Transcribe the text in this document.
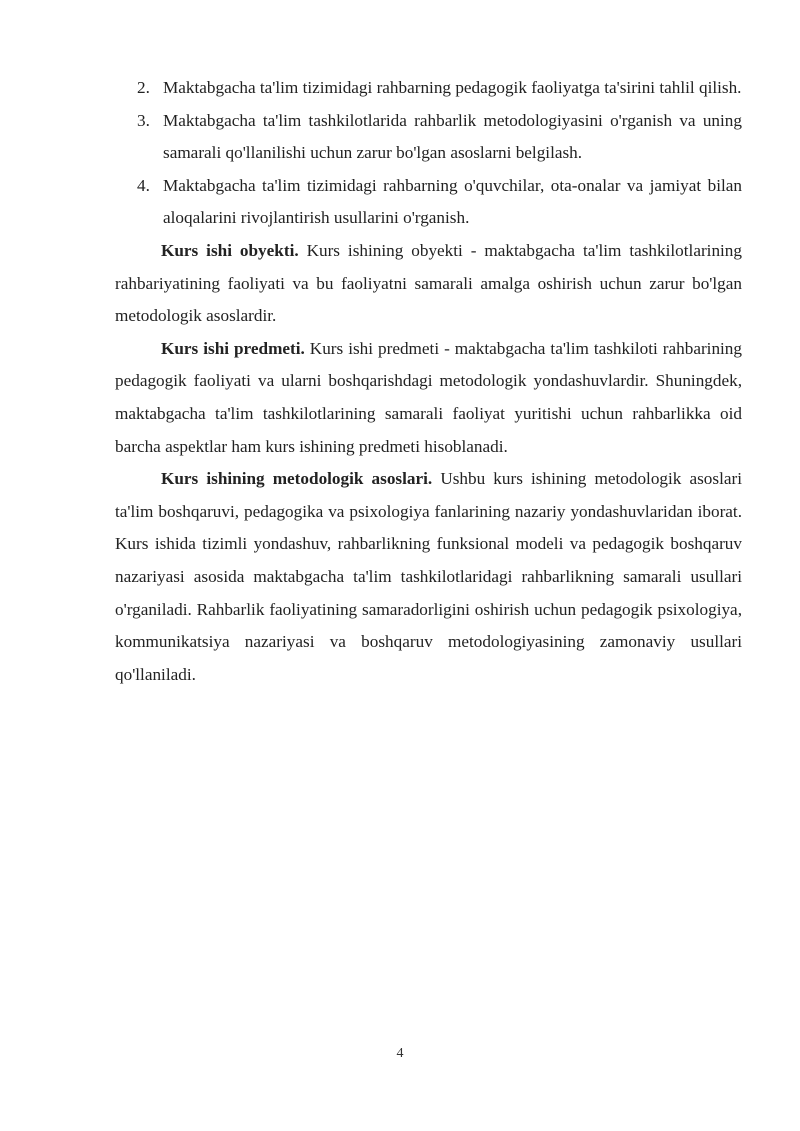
2. Maktabgacha ta'lim tizimidagi rahbarning pedagogik faoliyatga ta'sirini tahlil qilish.
3. Maktabgacha ta'lim tashkilotlarida rahbarlik metodologiyasini o'rganish va uning samarali qo'llanilishi uchun zarur bo'lgan asoslarni belgilash.
4. Maktabgacha ta'lim tizimidagi rahbarning o'quvchilar, ota-onalar va jamiyat bilan aloqalarini rivojlantirish usullarini o'rganish.

Kurs ishi obyekti. Kurs ishining obyekti - maktabgacha ta'lim tashkilotlarining rahbariyatining faoliyati va bu faoliyatni samarali amalga oshirish uchun zarur bo'lgan metodologik asoslardir.

Kurs ishi predmeti. Kurs ishi predmeti - maktabgacha ta'lim tashkiloti rahbarining pedagogik faoliyati va ularni boshqarishdagi metodologik yondashuvlardir. Shuningdek, maktabgacha ta'lim tashkilotlarining samarali faoliyat yuritishi uchun rahbarlikka oid barcha aspektlar ham kurs ishining predmeti hisoblanadi.

Kurs ishining metodologik asoslari. Ushbu kurs ishining metodologik asoslari ta'lim boshqaruvi, pedagogika va psixologiya fanlarining nazariy yondashuvlaridan iborat. Kurs ishida tizimli yondashuv, rahbarlikning funksional modeli va pedagogik boshqaruv nazariyasi asosida maktabgacha ta'lim tashkilotlaridagi rahbarlikning samarali usullari o'rganiladi. Rahbarlik faoliyatining samaradorligini oshirish uchun pedagogik psixologiya, kommunikatsiya nazariyasi va boshqaruv metodologiyasining zamonaviy usullari qo'llaniladi.

4
